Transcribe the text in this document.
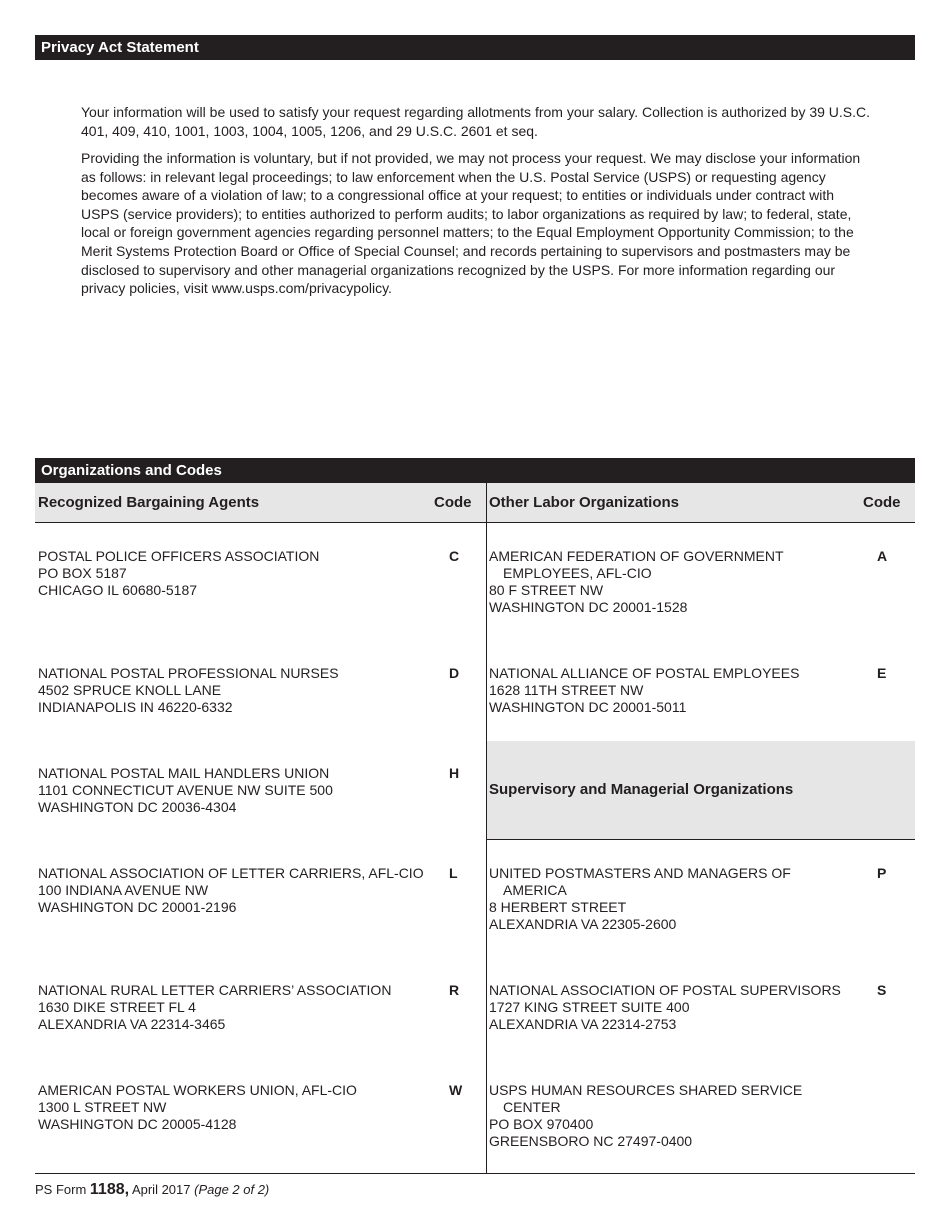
Privacy Act Statement

Your information will be used to satisfy your request regarding allotments from your salary. Collection is authorized by 39 U.S.C. 401, 409, 410, 1001, 1003, 1004, 1005, 1206, and 29 U.S.C. 2601 et seq.

Providing the information is voluntary, but if not provided, we may not process your request. We may disclose your information as follows: in relevant legal proceedings; to law enforcement when the U.S. Postal Service (USPS) or requesting agency becomes aware of a violation of law; to a congressional office at your request; to entities or individuals under contract with USPS (service providers); to entities authorized to perform audits; to labor organizations as required by law; to federal, state, local or foreign government agencies regarding personnel matters; to the Equal Employment Opportunity Commission; to the Merit Systems Protection Board or Office of Special Counsel; and records pertaining to supervisors and postmasters may be disclosed to supervisory and other managerial organizations recognized by the USPS. For more information regarding our privacy policies, visit www.usps.com/privacypolicy.

Organizations and Codes
Recognized Bargaining Agents	Code Other Labor Organizations	Code
POSTAL POLICE OFFICERS ASSOCIATION
PO BOX 5187
CHICAGO IL 60680-5187
C
NATIONAL POSTAL PROFESSIONAL NURSES
4502 SPRUCE KNOLL LANE
INDIANAPOLIS IN 46220-6332
D
NATIONAL POSTAL MAIL HANDLERS UNION
1101 CONNECTICUT AVENUE NW SUITE 500
WASHINGTON DC 20036-4304
H
NATIONAL ASSOCIATION OF LETTER CARRIERS, AFL-CIO
100 INDIANA AVENUE NW
WASHINGTON DC 20001-2196
L
NATIONAL RURAL LETTER CARRIERS’ ASSOCIATION
1630 DIKE STREET FL 4
ALEXANDRIA VA 22314-3465
R
AMERICAN POSTAL WORKERS UNION, AFL-CIO
1300 L STREET NW
WASHINGTON DC 20005-4128
W
AMERICAN FEDERATION OF GOVERNMENT
EMPLOYEES, AFL-CIO
80 F STREET NW
WASHINGTON DC 20001-1528
A
NATIONAL ALLIANCE OF POSTAL EMPLOYEES
1628 11TH STREET NW
WASHINGTON DC 20001-5011
E
Supervisory and Managerial Organizations
UNITED POSTMASTERS AND MANAGERS OF
AMERICA
8 HERBERT STREET
ALEXANDRIA VA 22305-2600
P
NATIONAL ASSOCIATION OF POSTAL SUPERVISORS
1727 KING STREET SUITE 400
ALEXANDRIA VA 22314-2753
S
USPS HUMAN RESOURCES SHARED SERVICE
CENTER
PO BOX 970400
GREENSBORO NC 27497-0400
PS Form 1188, April 2017 (Page 2 of 2)
